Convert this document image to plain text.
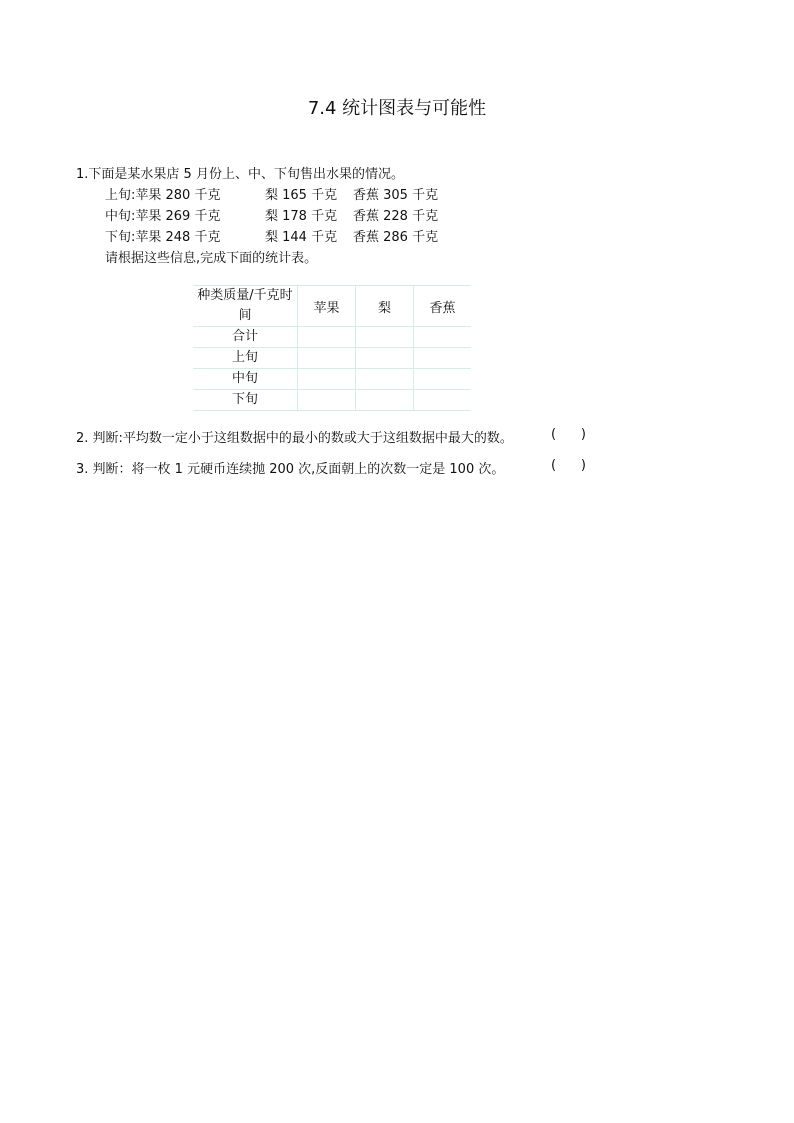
7.4 统计图表与可能性
1.下面是某水果店 5 月份上、中、下旬售出水果的情况。
上旬:苹果 280 千克	梨 165 千克 香蕉 305 千克
中旬:苹果 269 千克	梨 178 千克 香蕉 228 千克
下旬:苹果 248 千克	梨 144 千克 香蕉 286 千克
请根据这些信息,完成下面的统计表。
种类质量/千克时间	苹果	梨	香蕉
合计			
上旬			
中旬			
下旬			
2. 判断:平均数一定小于这组数据中的最小的数或大于这组数据中最大的数。	(      )
3. 判断：将一枚 1 元硬币连续抛 200 次,反面朝上的次数一定是 100 次。	(      )
